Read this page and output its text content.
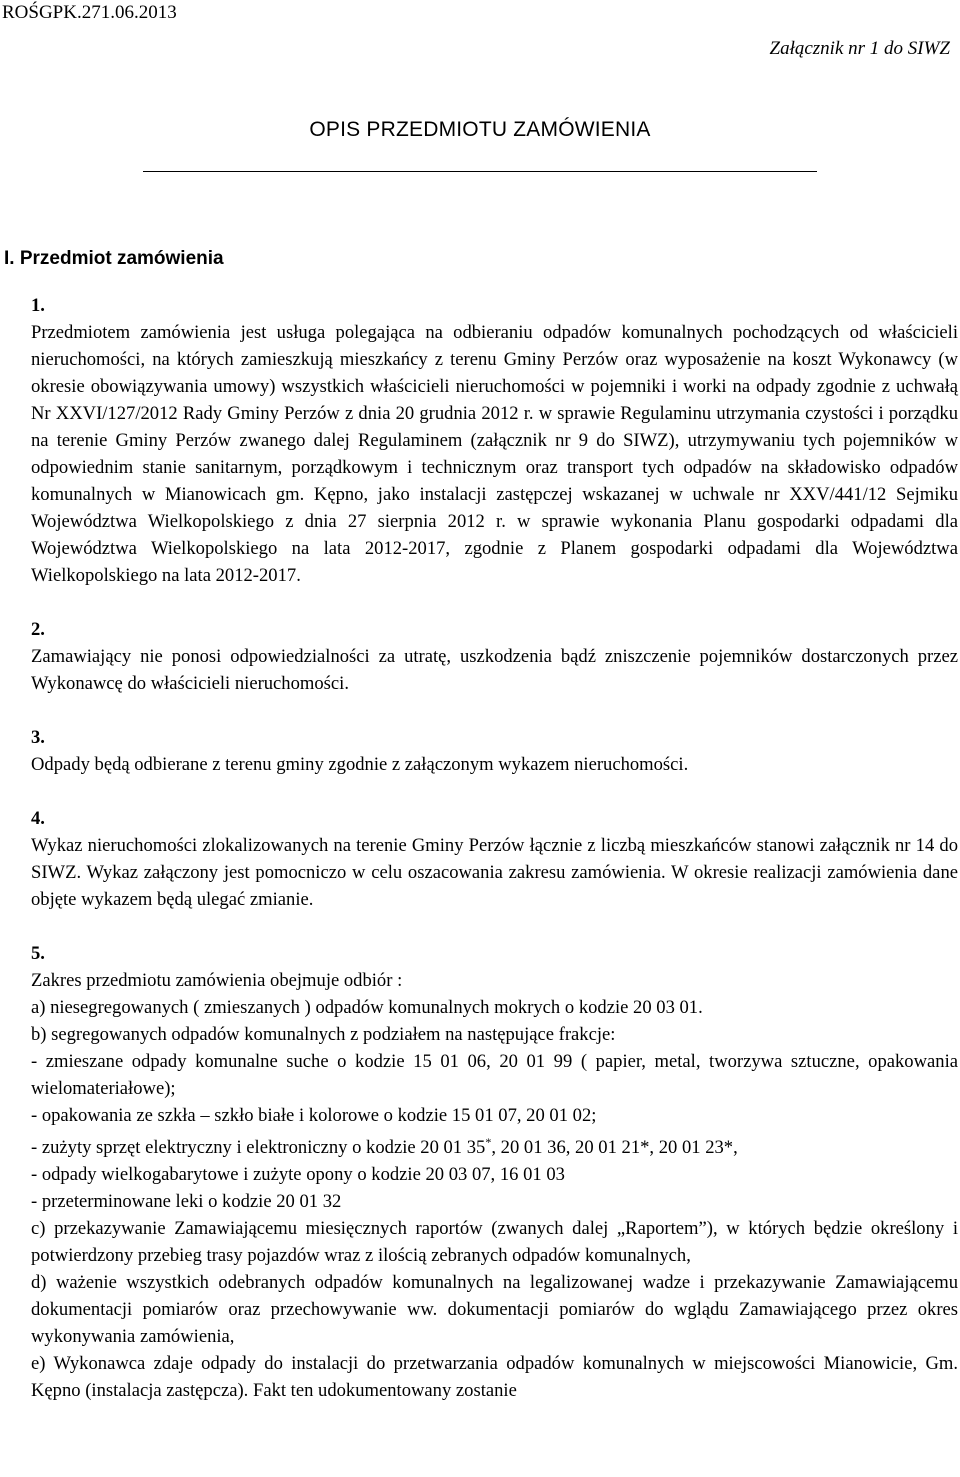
ROŚGPK.271.06.2013
Załącznik nr 1 do SIWZ
OPIS PRZEDMIOTU ZAMÓWIENIA
I. Przedmiot zamówienia

1.

Przedmiotem zamówienia jest usługa polegająca na odbieraniu odpadów komunalnych pochodzących od właścicieli nieruchomości, na których zamieszkują mieszkańcy z terenu Gminy Perzów oraz wyposażenie na koszt Wykonawcy (w okresie obowiązywania umowy) wszystkich właścicieli nieruchomości w pojemniki i worki na odpady zgodnie z uchwałą Nr XXVI/127/2012 Rady Gminy Perzów z dnia 20 grudnia 2012 r. w sprawie Regulaminu utrzymania czystości i porządku na terenie Gminy Perzów zwanego dalej Regulaminem (załącznik nr 9 do SIWZ), utrzymywaniu tych pojemników w odpowiednim stanie sanitarnym, porządkowym i technicznym oraz transport tych odpadów na składowisko odpadów komunalnych w Mianowicach gm. Kępno, jako instalacji zastępczej wskazanej w uchwale nr XXV/441/12 Sejmiku Województwa Wielkopolskiego z dnia 27 sierpnia 2012 r. w sprawie wykonania Planu gospodarki odpadami dla Województwa Wielkopolskiego na lata 2012-2017, zgodnie z Planem gospodarki odpadami dla Województwa Wielkopolskiego na lata 2012-2017.

2.

Zamawiający nie ponosi odpowiedzialności za utratę, uszkodzenia bądź zniszczenie pojemników dostarczonych przez Wykonawcę do właścicieli nieruchomości.

3.

Odpady będą odbierane z terenu gminy zgodnie z załączonym wykazem nieruchomości.

4.

Wykaz nieruchomości zlokalizowanych na terenie Gminy Perzów łącznie z liczbą mieszkańców stanowi załącznik nr 14 do SIWZ. Wykaz załączony jest pomocniczo w celu oszacowania zakresu zamówienia. W okresie realizacji zamówienia dane objęte wykazem będą ulegać zmianie.

5.

Zakres przedmiotu zamówienia obejmuje odbiór :

a) niesegregowanych ( zmieszanych ) odpadów komunalnych mokrych o kodzie 20 03 01.

b) segregowanych odpadów komunalnych z podziałem na następujące frakcje:

- zmieszane odpady komunalne suche o kodzie 15 01 06, 20 01 99 ( papier, metal, tworzywa sztuczne, opakowania wielomateriałowe);

- opakowania ze szkła – szkło białe i kolorowe o kodzie 15 01 07, 20 01 02;

- zużyty sprzęt elektryczny i elektroniczny o kodzie 20 01 35*, 20 01 36, 20 01 21*, 20 01 23*,

- odpady wielkogabarytowe i zużyte opony o kodzie 20 03 07, 16 01 03

- przeterminowane leki o kodzie 20 01 32

c) przekazywanie Zamawiającemu miesięcznych raportów (zwanych dalej „Raportem”), w których będzie określony i potwierdzony przebieg trasy pojazdów wraz z ilością zebranych odpadów komunalnych,

d) ważenie wszystkich odebranych odpadów komunalnych na legalizowanej wadze i przekazywanie Zamawiającemu dokumentacji pomiarów oraz przechowywanie ww. dokumentacji pomiarów do wglądu Zamawiającego przez okres wykonywania zamówienia,

e) Wykonawca zdaje odpady do instalacji do przetwarzania odpadów komunalnych w miejscowości Mianowicie, Gm. Kępno (instalacja zastępcza). Fakt ten udokumentowany zostanie
